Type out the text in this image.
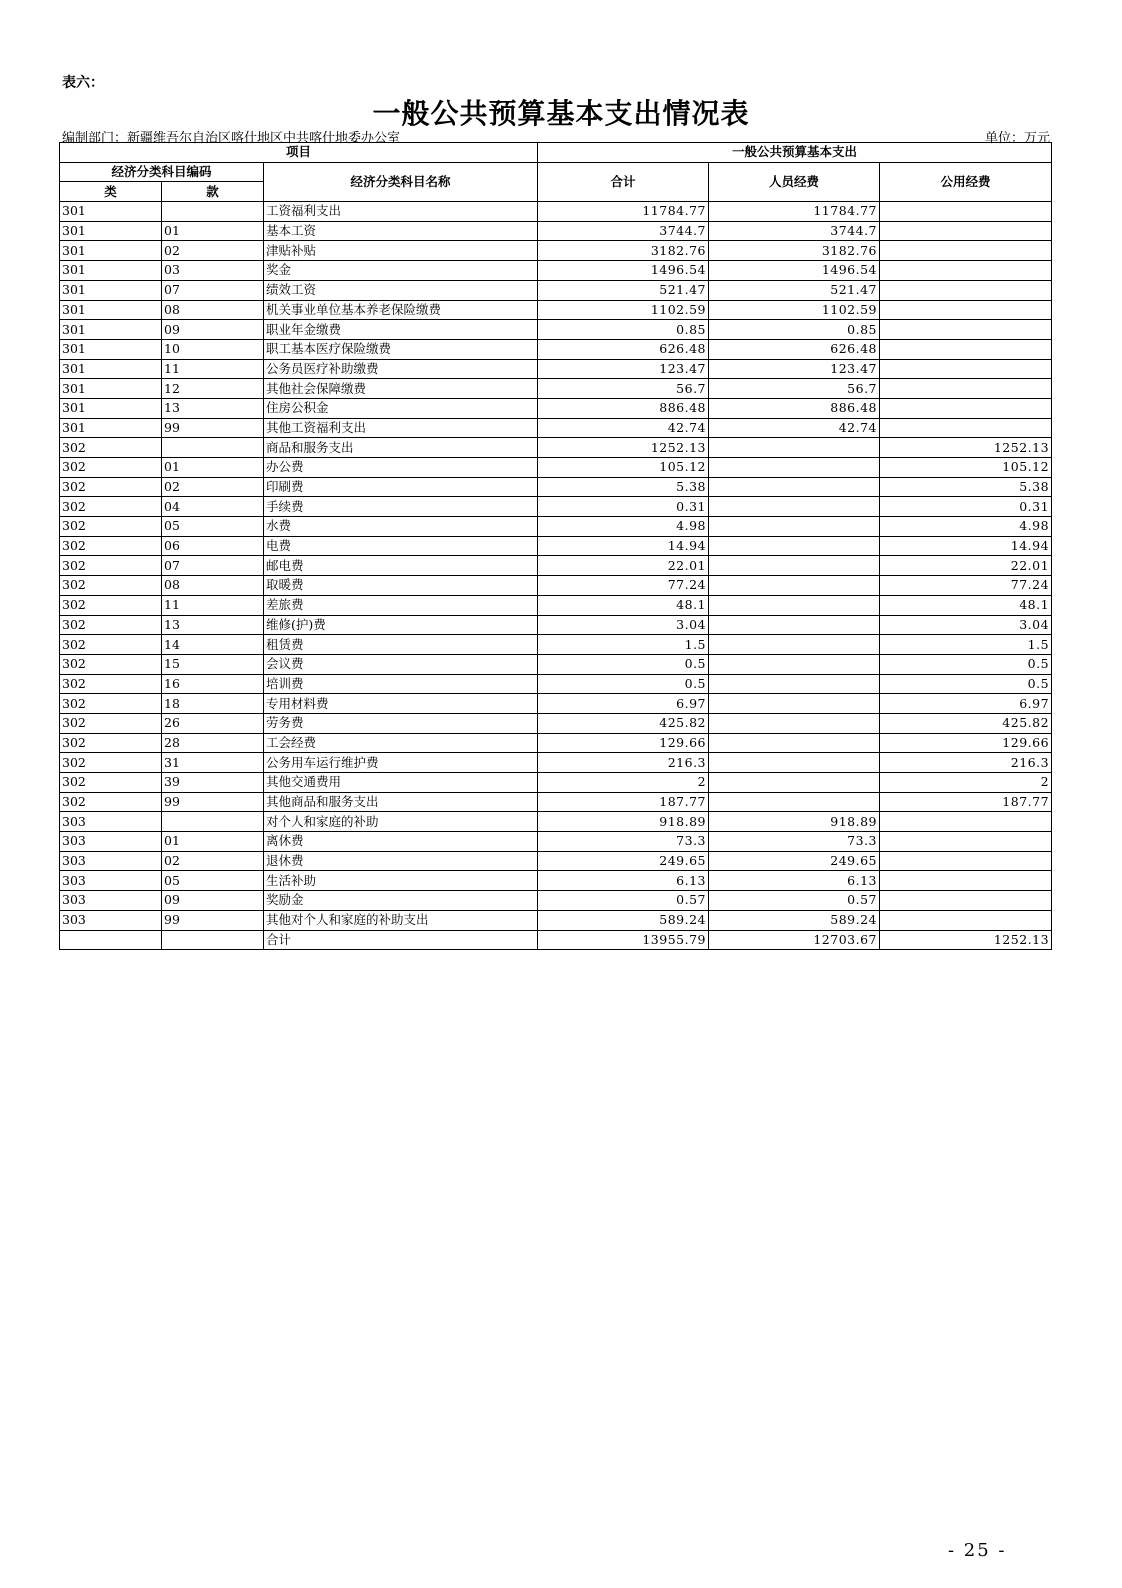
表六：
一般公共预算基本支出情况表
编制部门：新疆维吾尔自治区喀什地区中共喀什地委办公室	单位：万元
项目			一般公共预算基本支出		
经济分类科目编码		经济分类科目名称	合计	人员经费	公用经费
类	款				
301		工资福利支出	11784.77	11784.77	
301	01	基本工资	3744.7	3744.7	
301	02	津贴补贴	3182.76	3182.76	
301	03	奖金	1496.54	1496.54	
301	07	绩效工资	521.47	521.47	
301	08	机关事业单位基本养老保险缴费	1102.59	1102.59	
301	09	职业年金缴费	0.85	0.85	
301	10	职工基本医疗保险缴费	626.48	626.48	
301	11	公务员医疗补助缴费	123.47	123.47	
301	12	其他社会保障缴费	56.7	56.7	
301	13	住房公积金	886.48	886.48	
301	99	其他工资福利支出	42.74	42.74	
302		商品和服务支出	1252.13		1252.13
302	01	办公费	105.12		105.12
302	02	印刷费	5.38		5.38
302	04	手续费	0.31		0.31
302	05	水费	4.98		4.98
302	06	电费	14.94		14.94
302	07	邮电费	22.01		22.01
302	08	取暖费	77.24		77.24
302	11	差旅费	48.1		48.1
302	13	维修(护)费	3.04		3.04
302	14	租赁费	1.5		1.5
302	15	会议费	0.5		0.5
302	16	培训费	0.5		0.5
302	18	专用材料费	6.97		6.97
302	26	劳务费	425.82		425.82
302	28	工会经费	129.66		129.66
302	31	公务用车运行维护费	216.3		216.3
302	39	其他交通费用	2		2
302	99	其他商品和服务支出	187.77		187.77
303		对个人和家庭的补助	918.89	918.89	
303	01	离休费	73.3	73.3	
303	02	退休费	249.65	249.65	
303	05	生活补助	6.13	6.13	
303	09	奖励金	0.57	0.57	
303	99	其他对个人和家庭的补助支出	589.24	589.24	
		合计	13955.79	12703.67	1252.13
- 25 -
